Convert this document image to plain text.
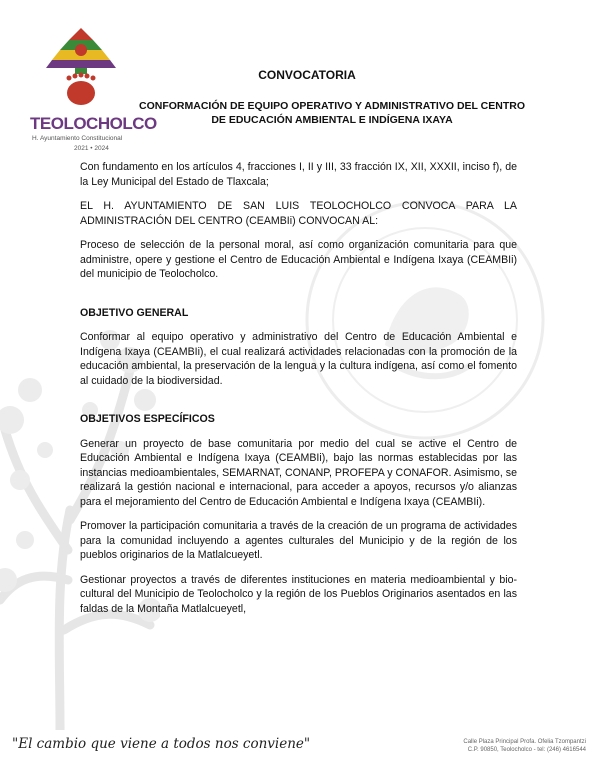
TEOLOCHOLCO
H. Ayuntamiento Constitucional
2021 • 2024
CONVOCATORIA
CONFORMACIÓN DE EQUIPO OPERATIVO Y ADMINISTRATIVO DEL CENTRO DE EDUCACIÓN AMBIENTAL E INDÍGENA IXAYA

Con fundamento en los artículos 4, fracciones I, II y III, 33 fracción IX, XII, XXXII, inciso f), de la Ley Municipal del Estado de Tlaxcala;

EL H. AYUNTAMIENTO DE SAN LUIS TEOLOCHOLCO CONVOCA PARA LA ADMINISTRACIÓN DEL CENTRO (CEAMBIi) CONVOCAN AL:

Proceso de selección de la personal moral, así como organización comunitaria para que administre, opere y gestione el Centro de Educación Ambiental e Indígena Ixaya (CEAMBIi) del municipio de Teolocholco.

OBJETIVO GENERAL

Conformar al equipo operativo y administrativo del Centro de Educación Ambiental e Indígena Ixaya (CEAMBIi), el cual realizará actividades relacionadas con la promoción de la educación ambiental, la preservación de la lengua y la cultura indígena, así como el fomento al cuidado de la biodiversidad.

OBJETIVOS ESPECÍFICOS

Generar un proyecto de base comunitaria por medio del cual se active el Centro de Educación Ambiental e Indígena Ixaya (CEAMBIi), bajo las normas establecidas por las instancias medioambientales, SEMARNAT, CONANP, PROFEPA y CONAFOR. Asimismo, se realizará la gestión nacional e internacional, para acceder a apoyos, recursos y/o alianzas para el mejoramiento del Centro de Educación Ambiental e Indígena Ixaya (CEAMBIi).

Promover la participación comunitaria a través de la creación de un programa de actividades para la comunidad incluyendo a agentes culturales del Municipio y de la región de los pueblos originarios de la Matlalcueyetl.

Gestionar proyectos a través de diferentes instituciones en materia medioambiental y bio-cultural del Municipio de Teolocholco y la región de los Pueblos Originarios asentados en las faldas de la Montaña Matlalcueyetl,

"El cambio que viene a todos nos conviene"	Calle Plaza Principal Profa. Ofelia Tzompantzi
C.P. 90850, Teolocholco - tel: (246) 4616544
